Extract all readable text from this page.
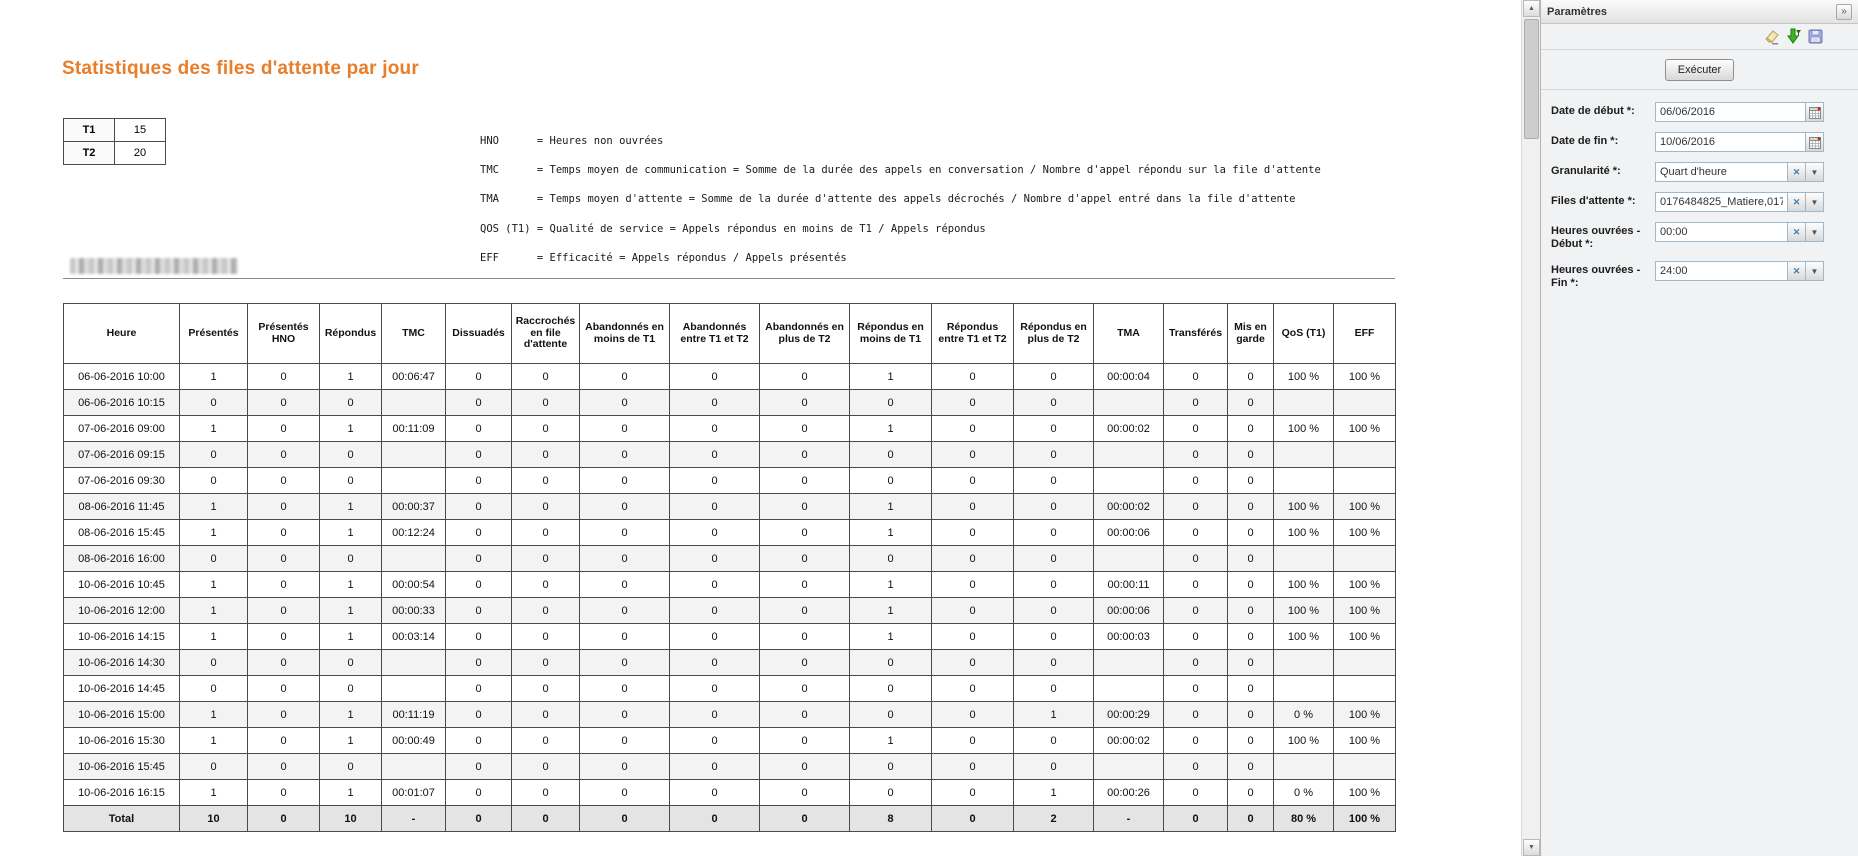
Statistiques des files d'attente par jour
T1	15
T2	20

HNO      = Heures non ouvrées

TMC      = Temps moyen de communication = Somme de la durée des appels en conversation / Nombre d'appel répondu sur la file d'attente

TMA      = Temps moyen d'attente = Somme de la durée d'attente des appels décrochés / Nombre d'appel entré dans la file d'attente

QOS (T1) = Qualité de service = Appels répondus en moins de T1 / Appels répondus

EFF      = Efficacité = Appels répondus / Appels présentés

Heure	Présentés	Présentés HNO	Répondus	TMC	Dissuadés	Raccrochés en file d'attente	Abandonnés en moins de T1	Abandonnés entre T1 et T2	Abandonnés en plus de T2	Répondus en moins de T1	Répondus entre T1 et T2	Répondus en plus de T2	TMA	Transférés	Mis en garde	QoS (T1)	EFF
06-06-2016 10:00	1	0	1	00:06:47	0	0	0	0	0	1	0	0	00:00:04	0	0	100 %	100 %
06-06-2016 10:15	0	0	0		0	0	0	0	0	0	0	0		0	0		
07-06-2016 09:00	1	0	1	00:11:09	0	0	0	0	0	1	0	0	00:00:02	0	0	100 %	100 %
07-06-2016 09:15	0	0	0		0	0	0	0	0	0	0	0		0	0		
07-06-2016 09:30	0	0	0		0	0	0	0	0	0	0	0		0	0		
08-06-2016 11:45	1	0	1	00:00:37	0	0	0	0	0	1	0	0	00:00:02	0	0	100 %	100 %
08-06-2016 15:45	1	0	1	00:12:24	0	0	0	0	0	1	0	0	00:00:06	0	0	100 %	100 %
08-06-2016 16:00	0	0	0		0	0	0	0	0	0	0	0		0	0		
10-06-2016 10:45	1	0	1	00:00:54	0	0	0	0	0	1	0	0	00:00:11	0	0	100 %	100 %
10-06-2016 12:00	1	0	1	00:00:33	0	0	0	0	0	1	0	0	00:00:06	0	0	100 %	100 %
10-06-2016 14:15	1	0	1	00:03:14	0	0	0	0	0	1	0	0	00:00:03	0	0	100 %	100 %
10-06-2016 14:30	0	0	0		0	0	0	0	0	0	0	0		0	0		
10-06-2016 14:45	0	0	0		0	0	0	0	0	0	0	0		0	0		
10-06-2016 15:00	1	0	1	00:11:19	0	0	0	0	0	0	0	1	00:00:29	0	0	0 %	100 %
10-06-2016 15:30	1	0	1	00:00:49	0	0	0	0	0	1	0	0	00:00:02	0	0	100 %	100 %
10-06-2016 15:45	0	0	0		0	0	0	0	0	0	0	0		0	0		
10-06-2016 16:15	1	0	1	00:01:07	0	0	0	0	0	0	0	1	00:00:26	0	0	0 %	100 %
Total	10	0	10	-	0	0	0	0	0	8	0	2	-	0	0	80 %	100 %
▲
▼
Paramètres	»
Exécuter
Date de début *:
06/06/2016
Date de fin *:
10/06/2016
Granularité *:
Quart d'heure	✕	▼
Files d'attente *:
0176484825_Matiere,017	✕	▼
Heures ouvrées - Début *:
00:00
✕	▼
Heures ouvrées - Fin *:
24:00
✕	▼
